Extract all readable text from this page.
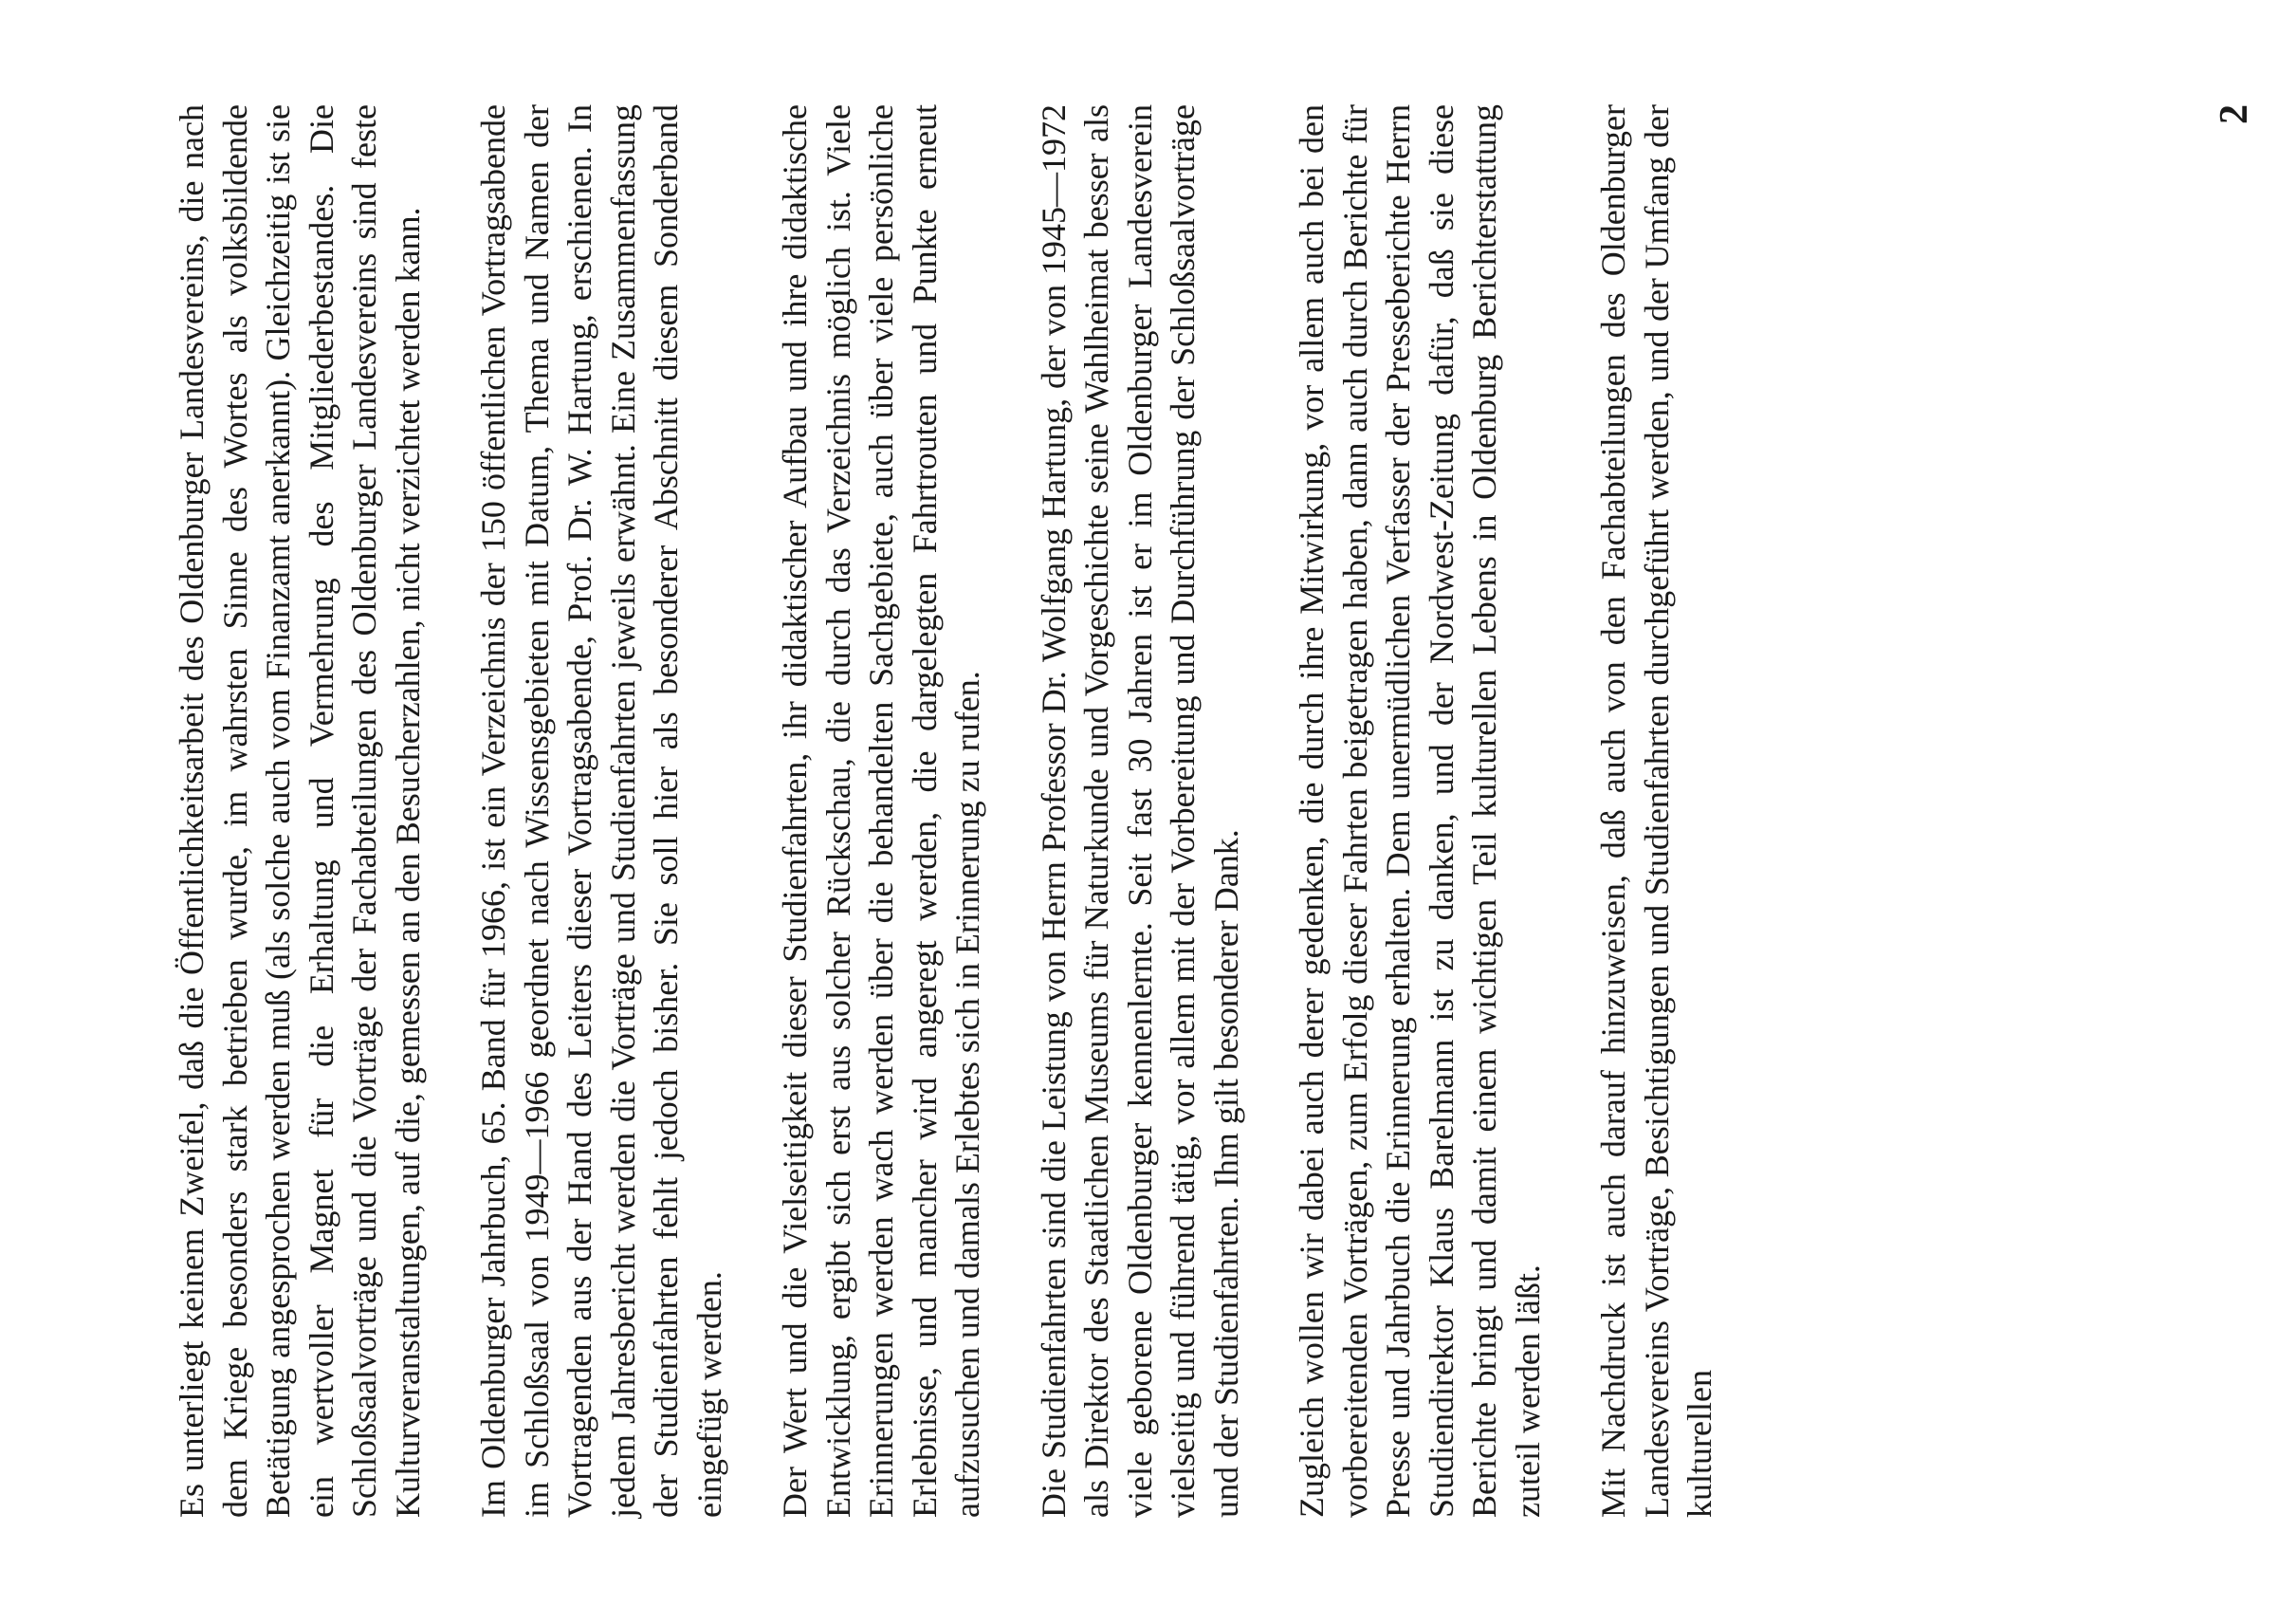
Es unterliegt keinem Zweifel, daß die Öffentlichkeitsarbeit des Oldenburger Landesvereins, die nach dem Kriege besonders stark betrieben wurde, im wahrsten Sinne des Wortes als volksbildende Betätigung angesprochen werden muß (als solche auch vom Finanzamt anerkannt). Gleichzeitig ist sie ein wertvoller Magnet für die Erhaltung und Vermehrung des Mitgliederbestandes. Die Schloßsaalvorträge und die Vorträge der Fachabteilungen des Oldenburger Landesvereins sind feste Kulturveranstaltungen, auf die, gemessen an den Besucherzahlen, nicht verzichtet werden kann. Im Oldenburger Jahrbuch, 65. Band für 1966, ist ein Verzeichnis der 150 öffentlichen Vortragsabende im Schloßsaal von 1949—1966 geordnet nach Wissensgebieten mit Datum, Thema und Namen der Vortragenden aus der Hand des Leiters dieser Vortragsabende, Prof. Dr. W. Hartung, erschienen. In jedem Jahresbericht werden die Vorträge und Studienfahrten jeweils erwähnt. Eine Zusammenfassung der Studienfahrten fehlt jedoch bisher. Sie soll hier als besonderer Abschnitt diesem Sonderband eingefügt werden. Der Wert und die Vielseitigkeit dieser Studienfahrten, ihr didaktischer Aufbau und ihre didaktische Entwicklung, ergibt sich erst aus solcher Rückschau, die durch das Verzeichnis möglich ist. Viele Erinnerungen werden wach werden über die behandelten Sachgebiete, auch über viele persönliche Erlebnisse, und mancher wird angeregt werden, die dargelegten Fahrtrouten und Punkte erneut aufzusuchen und damals Erlebtes sich in Erinnerung zu rufen. Die Studienfahrten sind die Leistung von Herrn Professor Dr. Wolfgang Hartung, der von 1945—1972 als Direktor des Staatlichen Museums für Naturkunde und Vorgeschichte seine Wahlheimat besser als viele geborene Oldenburger kennenlernte. Seit fast 30 Jahren ist er im Oldenburger Landesverein vielseitig und führend tätig, vor allem mit der Vorbereitung und Durchführung der Schloßsaalvorträge und der Studienfahrten. Ihm gilt besonderer Dank. Zugleich wollen wir dabei auch derer gedenken, die durch ihre Mitwirkung, vor allem auch bei den vorbereitenden Vorträgen, zum Erfolg dieser Fahrten beigetragen haben, dann auch durch Berichte für Presse und Jahrbuch die Erinnerung erhalten. Dem unermüdlichen Verfasser der Presseberichte Herrn Studiendirektor Klaus Barelmann ist zu danken, und der Nordwest-Zeitung dafür, daß sie diese Berichte bringt und damit einem wichtigen Teil kulturellen Lebens in Oldenburg Berichterstattung zuteil werden läßt. Mit Nachdruck ist auch darauf hinzuweisen, daß auch von den Fachabteilungen des Oldenburger Landesvereins Vorträge, Besichtigungen und Studienfahrten durchgeführt werden, und der Umfang der kulturellen

2
